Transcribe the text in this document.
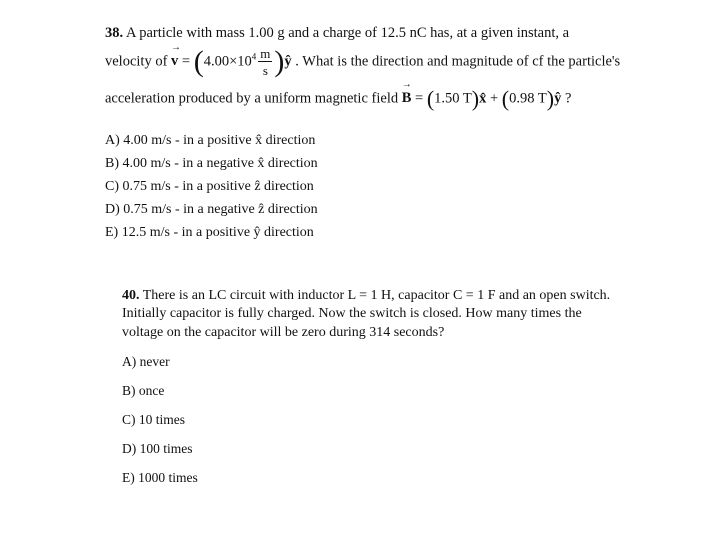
38. A particle with mass 1.00 g and a charge of 12.5 nC has, at a given instant, a
velocity of → $v = (4.00\times 10^4 \frac{m}{s}$ )ŷ . What is the direction and magnitude of cf the particle's
acceleration produced by a uniform magnetic field → B = (1.50 T)x̂ + (0.98 T)ŷ ?
A) 4.00 m/s - in a positive x̂ direction
B) 4.00 m/s - in a negative x̂ direction
C) 0.75 m/s - in a positive ẑ direction
D) 0.75 m/s - in a negative ẑ direction
E) 12.5 m/s - in a positive ŷ direction
40. There is an LC circuit with inductor L = 1 H, capacitor C = 1 F and an open switch.
Initially capacitor is fully charged. Now the switch is closed. How many times the
voltage on the capacitor will be zero during 314 seconds?
A) never
B) once
C) 10 times
D) 100 times
E) 1000 times
